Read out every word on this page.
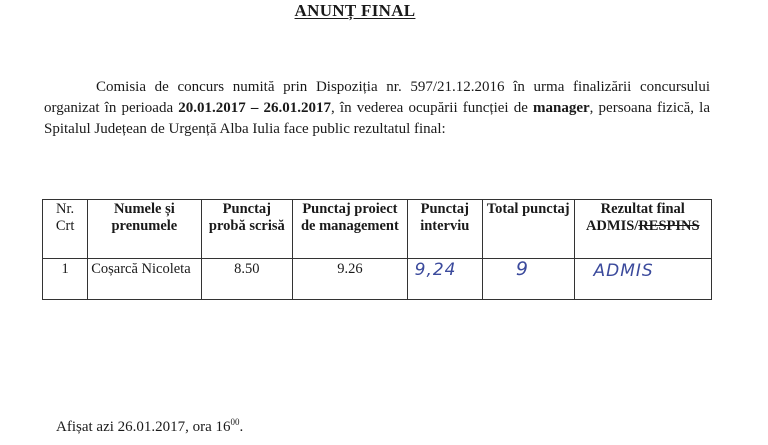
ANUNȚ FINAL
Comisia de concurs numită prin Dispoziția nr. 597/21.12.2016 în urma finalizării concursului organizat în perioada 20.01.2017 – 26.01.2017, în vederea ocupării funcției de manager, persoana fizică, la Spitalul Județean de Urgență Alba Iulia face public rezultatul final:
Nr. Crt	Numele și prenumele	Punctaj probă scrisă	Punctaj proiect de management	Punctaj interviu	Total punctaj	Rezultat final
ADMIS/RESPINS

1	Coșarcă Nicoleta	8.50	9.26	9,24	9	ADMIS
Afișat azi 26.01.2017, ora $16^{00}$.
